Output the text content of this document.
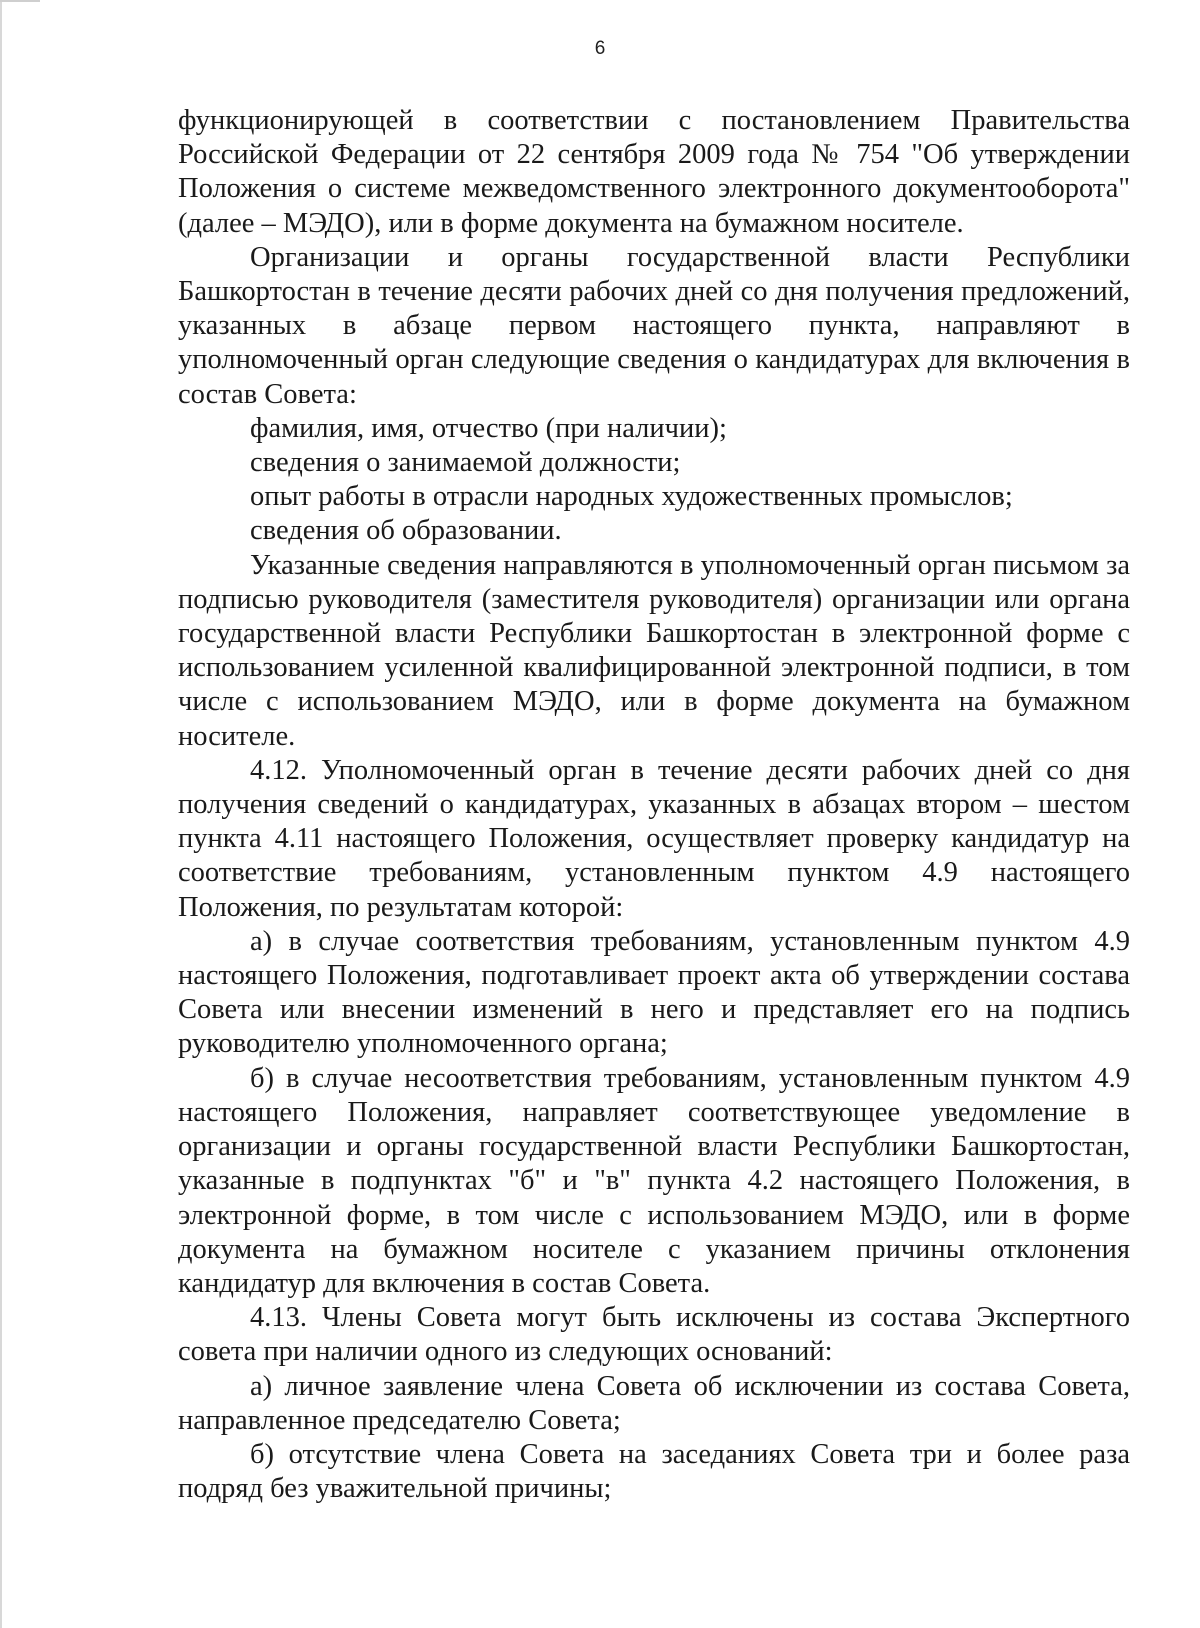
6

функционирующей в соответствии с постановлением Правительства Российской Федерации от 22 сентября 2009 года № 754 "Об утверждении Положения о системе межведомственного электронного документооборота" (далее – МЭДО), или в форме документа на бумажном носителе.

Организации и органы государственной власти Республики Башкортостан в течение десяти рабочих дней со дня получения предложений, указанных в абзаце первом настоящего пункта, направляют в уполномоченный орган следующие сведения о кандидатурах для включения в состав Совета:

фамилия, имя, отчество (при наличии);

сведения о занимаемой должности;

опыт работы в отрасли народных художественных промыслов;

сведения об образовании.

Указанные сведения направляются в уполномоченный орган письмом за подписью руководителя (заместителя руководителя) организации или органа государственной власти Республики Башкортостан в электронной форме с использованием усиленной квалифицированной электронной подписи, в том числе с использованием МЭДО, или в форме документа на бумажном носителе.

4.12. Уполномоченный орган в течение десяти рабочих дней со дня получения сведений о кандидатурах, указанных в абзацах втором – шестом пункта 4.11 настоящего Положения, осуществляет проверку кандидатур на соответствие требованиям, установленным пунктом 4.9 настоящего Положения, по результатам которой:

а) в случае соответствия требованиям, установленным пунктом 4.9 настоящего Положения, подготавливает проект акта об утверждении состава Совета или внесении изменений в него и представляет его на подпись руководителю уполномоченного органа;

б) в случае несоответствия требованиям, установленным пунктом 4.9 настоящего Положения, направляет соответствующее уведомление в организации и органы государственной власти Республики Башкортостан, указанные в подпунктах "б" и "в" пункта 4.2 настоящего Положения, в электронной форме, в том числе с использованием МЭДО, или в форме документа на бумажном носителе с указанием причины отклонения кандидатур для включения в состав Совета.

4.13. Члены Совета могут быть исключены из состава Экспертного совета при наличии одного из следующих оснований:

а) личное заявление члена Совета об исключении из состава Совета, направленное председателю Совета;

б) отсутствие члена Совета на заседаниях Совета три и более раза подряд без уважительной причины;
